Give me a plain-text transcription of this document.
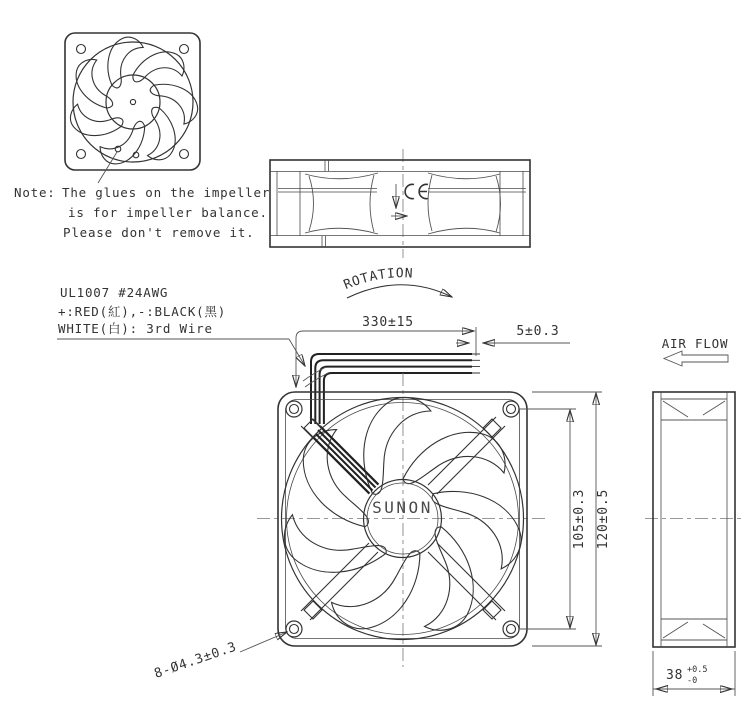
Note: The glues on the impeller
is for impeller balance.
Please don't remove it.
ROTATION
UL1007 #24AWG
+:RED(紅),-:BLACK(黑)
WHITE(白): 3rd Wire	330±15
5±0.3
SUNON	105±0.3 120±0.5
8-Ø4.3±0.3
AIR FLOW
38 +0.5 -0
